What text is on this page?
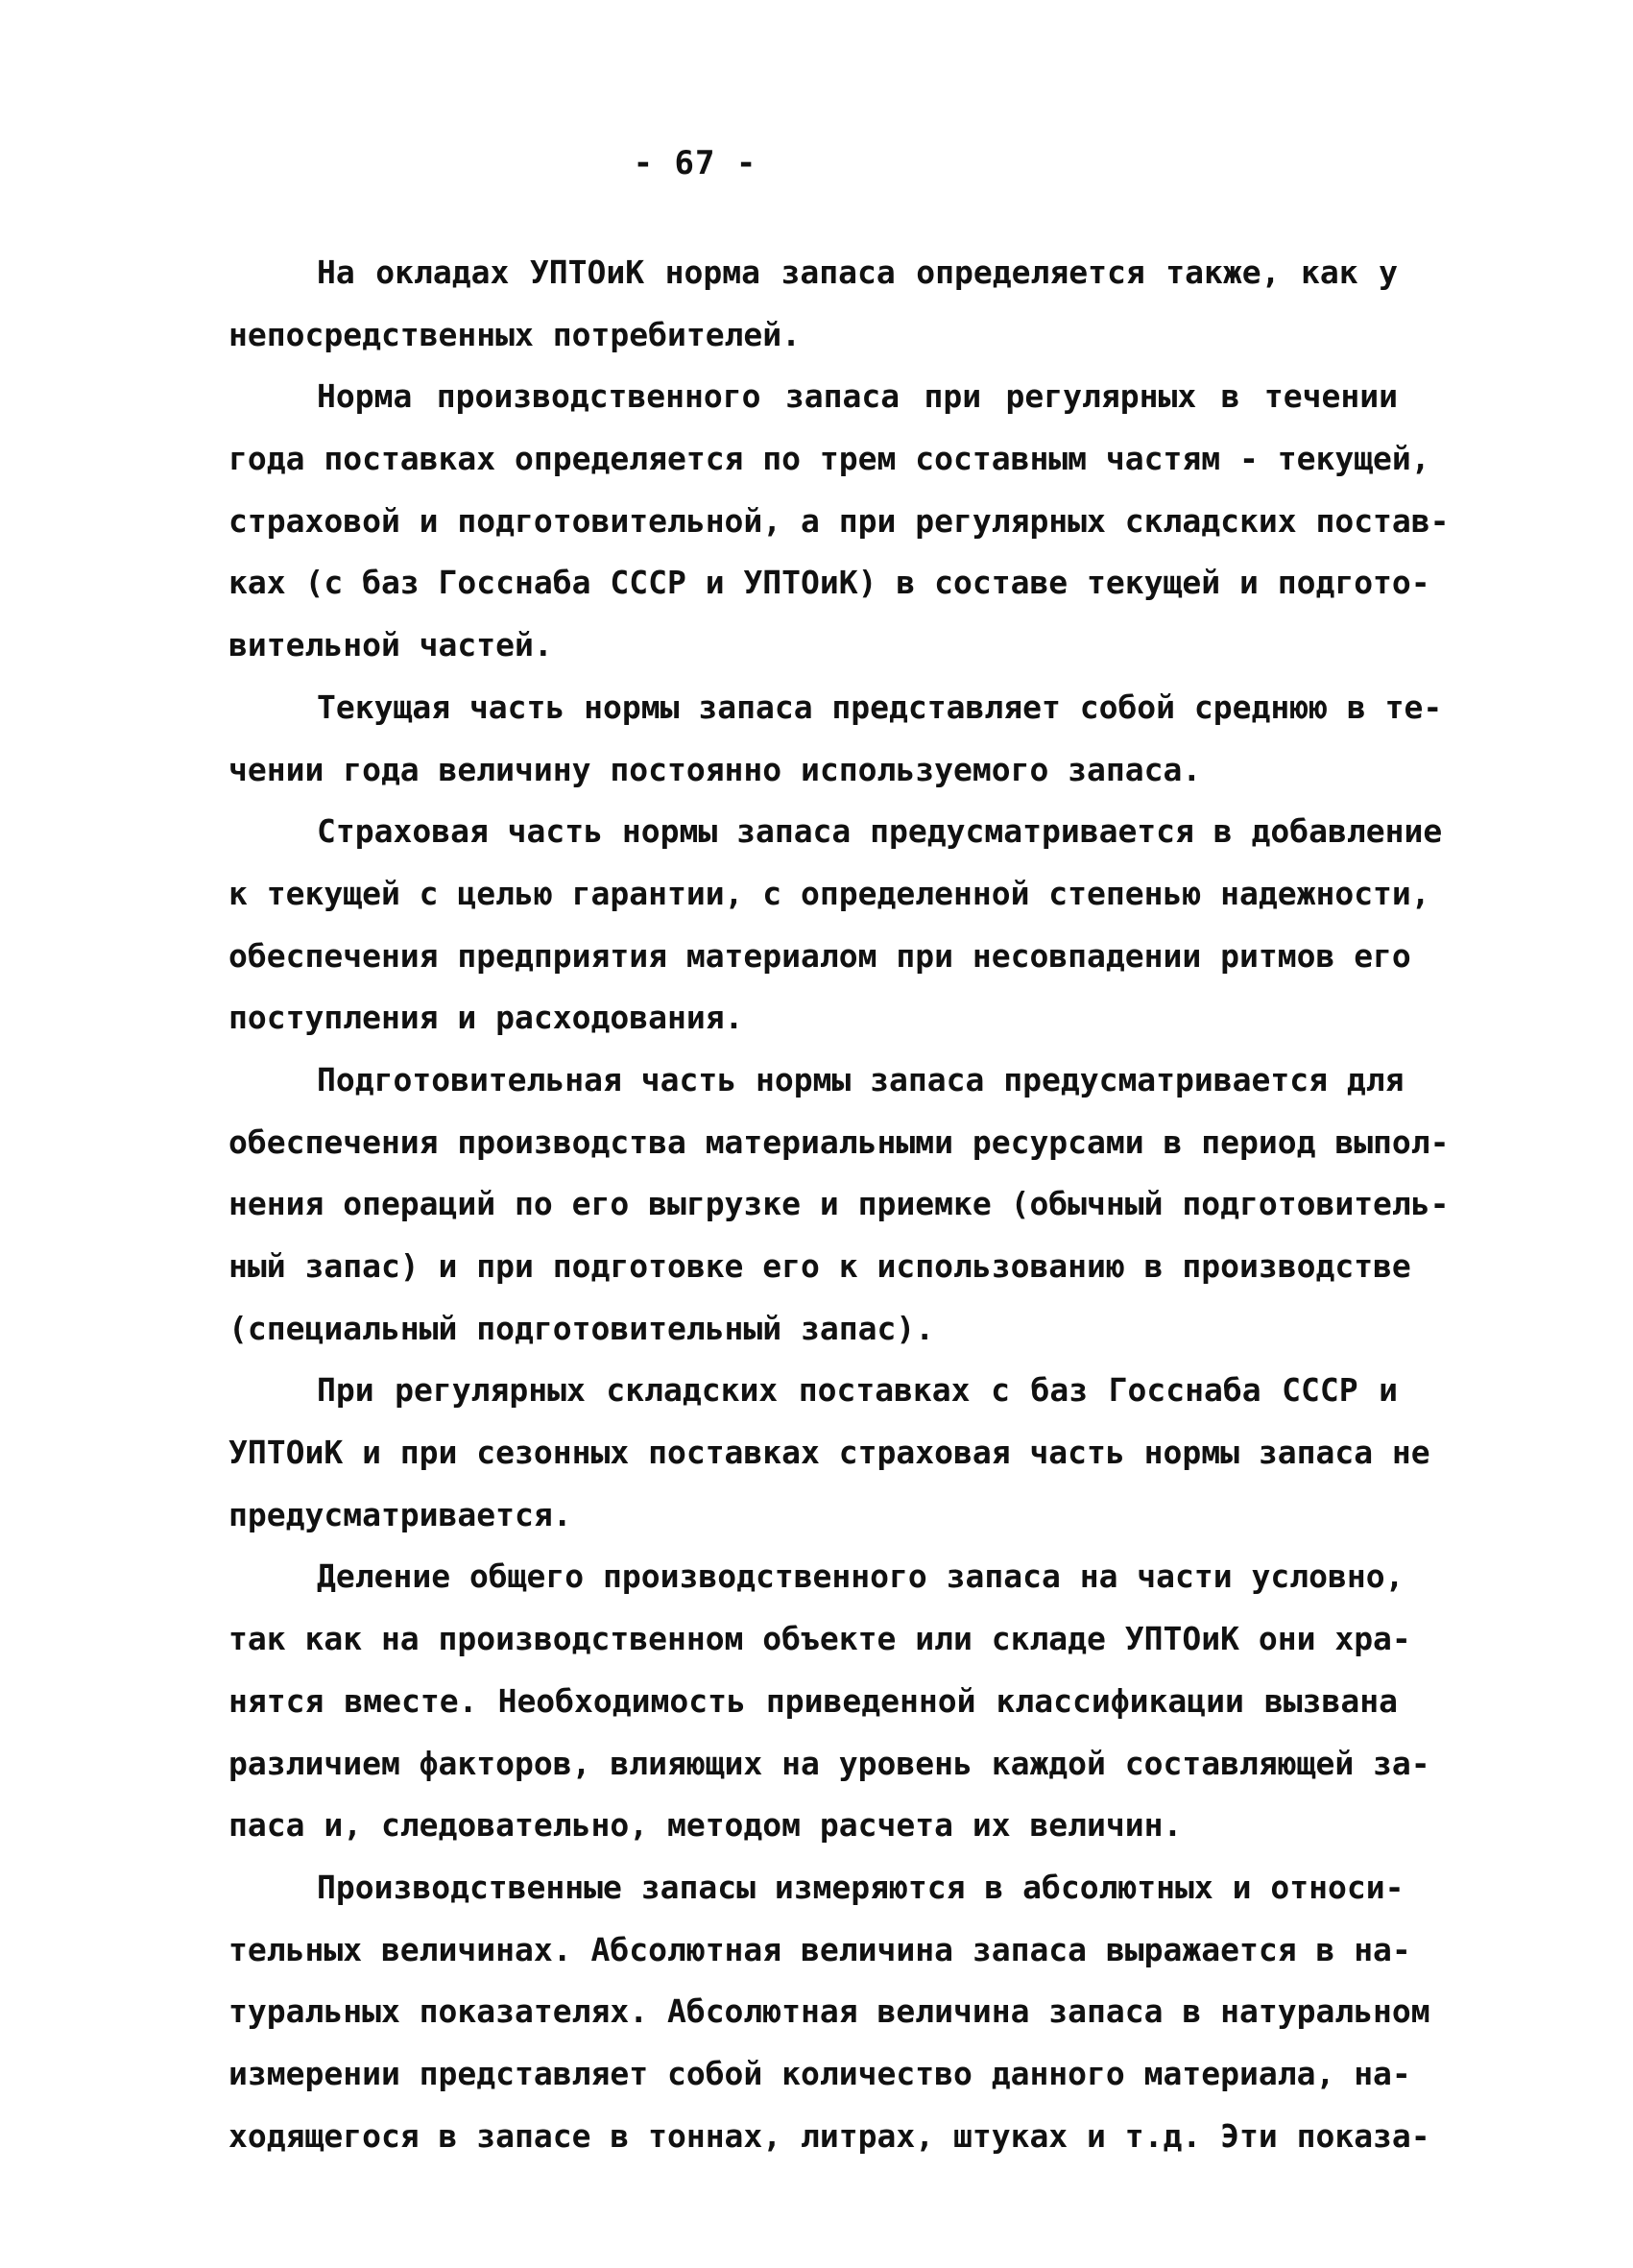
- 67 -
На окладах УПТОиК норма запаса определяется также, как у
непосредственных потребителей.
Норма производственного запаса при регулярных в течении
года поставках определяется по трем составным частям - текущей,
страховой и подготовительной, а при регулярных складских постав-
ках (с баз Госснаба СССР и УПТОиК) в составе текущей и подгото-
вительной частей.
Текущая часть нормы запаса представляет собой среднюю в те-
чении года величину постоянно используемого запаса.
Страховая часть нормы запаса предусматривается в добавление
к текущей с целью гарантии, с определенной степенью надежности,
обеспечения предприятия материалом при несовпадении ритмов его
поступления и расходования.
Подготовительная часть нормы запаса предусматривается для
обеспечения производства материальными ресурсами в период выпол-
нения операций по его выгрузке и приемке (обычный подготовитель-
ный запас) и при подготовке его к использованию в производстве
(специальный подготовительный запас).
При регулярных складских поставках с баз Госснаба СССР и
УПТОиК и при сезонных поставках страховая часть нормы запаса не
предусматривается.
Деление общего производственного запаса на части условно,
так как на производственном объекте или складе УПТОиК они хра-
нятся вместе. Необходимость приведенной классификации вызвана
различием факторов, влияющих на уровень каждой составляющей за-
паса и, следовательно, методом расчета их величин.
Производственные запасы измеряются в абсолютных и относи-
тельных величинах. Абсолютная величина запаса выражается в на-
туральных показателях. Абсолютная величина запаса в натуральном
измерении представляет собой количество данного материала, на-
ходящегося в запасе в тоннах, литрах, штуках и т.д. Эти показа-
